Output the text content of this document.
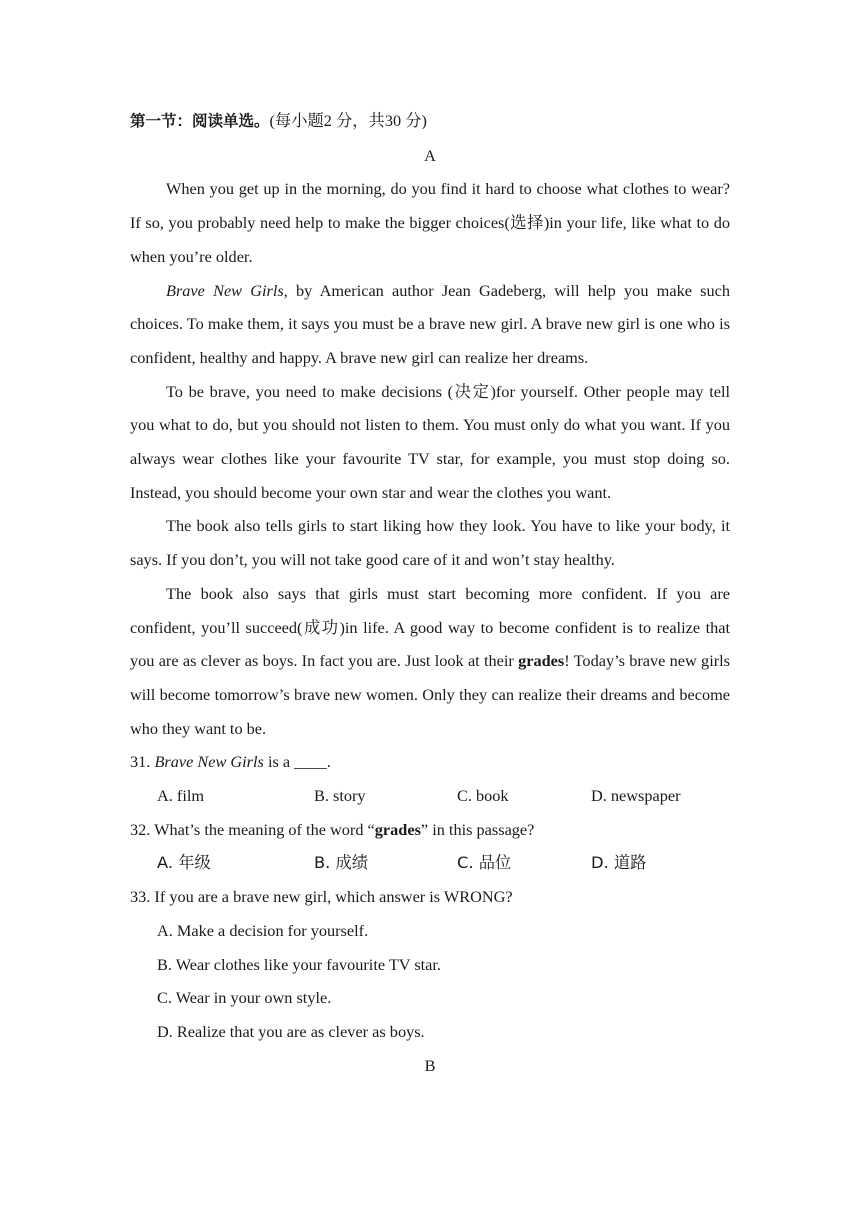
第一节：阅读单选。(每小题2 分，共30 分)

A

When you get up in the morning, do you find it hard to choose what clothes to wear? If so, you probably need help to make the bigger choices(选择)in your life, like what to do when you’re older.

Brave New Girls, by American author Jean Gadeberg, will help you make such choices. To make them, it says you must be a brave new girl. A brave new girl is one who is confident, healthy and happy. A brave new girl can realize her dreams.

To be brave, you need to make decisions (决定)for yourself. Other people may tell you what to do, but you should not listen to them. You must only do what you want. If you always wear clothes like your favourite TV star, for example, you must stop doing so. Instead, you should become your own star and wear the clothes you want.

The book also tells girls to start liking how they look. You have to like your body, it says. If you don’t, you will not take good care of it and won’t stay healthy.

The book also says that girls must start becoming more confident. If you are confident, you’ll succeed(成功)in life. A good way to become confident is to realize that you are as clever as boys. In fact you are. Just look at their grades! Today’s brave new girls will become tomorrow’s brave new women. Only they can realize their dreams and become who they want to be.

31. Brave New Girls is a ____.

A. film	B. story	C. book	D. newspaper

32. What’s the meaning of the word “grades” in this passage?

A. 年级	B. 成绩	C. 品位	D. 道路

33. If you are a brave new girl, which answer is WRONG?

A. Make a decision for yourself.

B. Wear clothes like your favourite TV star.

C. Wear in your own style.

D. Realize that you are as clever as boys.

B
